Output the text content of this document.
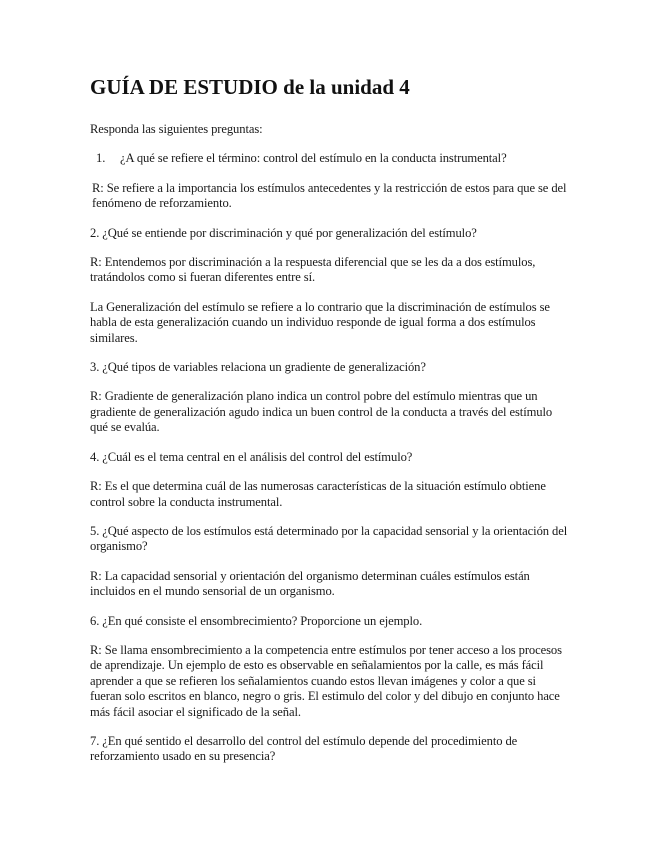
GUÍA DE ESTUDIO de la unidad 4

Responda las siguientes preguntas:

1. ¿A qué se refiere el término: control del estímulo en la conducta instrumental?

R: Se refiere a la importancia los estímulos antecedentes y la restricción de estos para que se del fenómeno de reforzamiento.

2. ¿Qué se entiende por discriminación y qué por generalización del estímulo?

R: Entendemos por discriminación a la respuesta diferencial que se les da a dos estímulos, tratándolos como si fueran diferentes entre sí.

La Generalización del estímulo se refiere a lo contrario que la discriminación de estímulos se habla de esta generalización cuando un individuo responde de igual forma a dos estímulos similares.

3. ¿Qué tipos de variables relaciona un gradiente de generalización?

R: Gradiente de generalización plano indica un control pobre del estímulo mientras que un gradiente de generalización agudo indica un buen control de la conducta a través del estímulo qué se evalúa.

4. ¿Cuál es el tema central en el análisis del control del estímulo?

R: Es el que determina cuál de las numerosas características de la situación estímulo obtiene control sobre la conducta instrumental.

5. ¿Qué aspecto de los estímulos está determinado por la capacidad sensorial y la orientación del organismo?

R: La capacidad sensorial y orientación del organismo determinan cuáles estímulos están incluidos en el mundo sensorial de un organismo.

6. ¿En qué consiste el ensombrecimiento? Proporcione un ejemplo.

R: Se llama ensombrecimiento a la competencia entre estímulos por tener acceso a los procesos de aprendizaje. Un ejemplo de esto es observable en señalamientos por la calle, es más fácil aprender a que se refieren los señalamientos cuando estos llevan imágenes y color a que si fueran solo escritos en blanco, negro o gris. El estimulo del color y del dibujo en conjunto hace más fácil asociar el significado de la señal.

7. ¿En qué sentido el desarrollo del control del estímulo depende del procedimiento de reforzamiento usado en su presencia?
